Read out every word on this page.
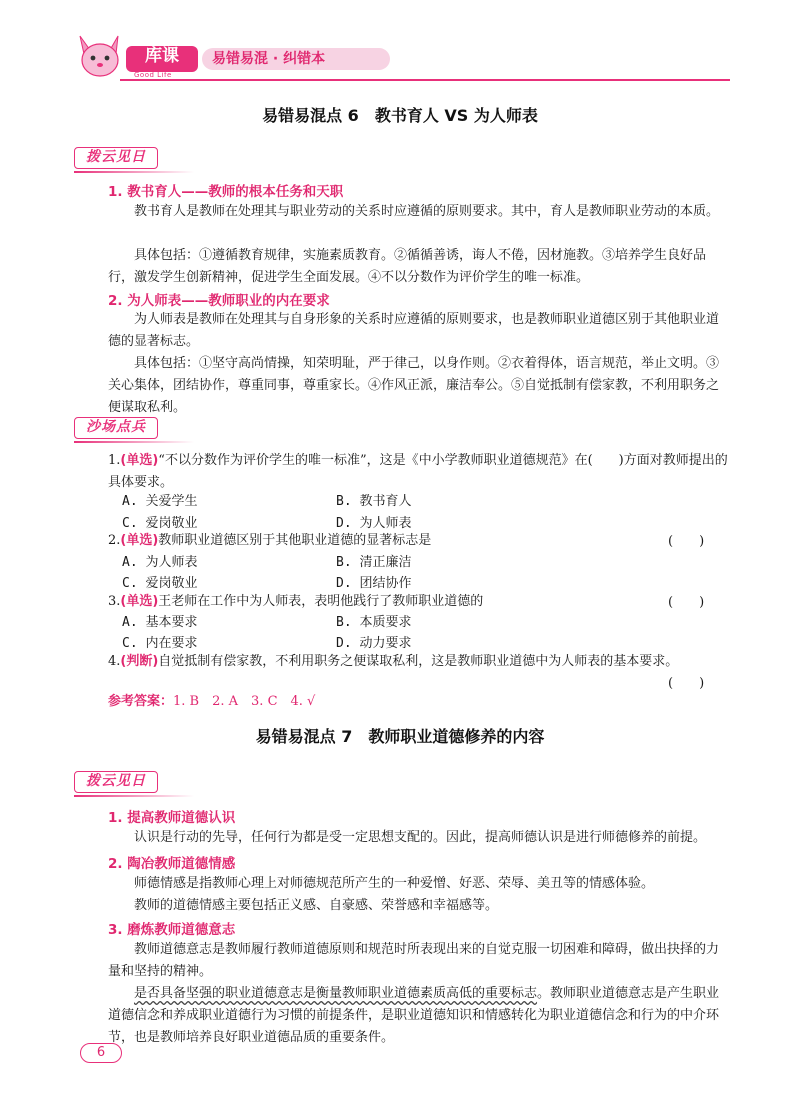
库课
Good Life
易错易混 · 纠错本
易错易混点 6　教书育人 VS 为人师表
拨云见日
1. 教书育人——教师的根本任务和天职
　　教书育人是教师在处理其与职业劳动的关系时应遵循的原则要求。其中，育人是教师职业劳动的本质。
　　具体包括：①遵循教育规律，实施素质教育。②循循善诱，诲人不倦，因材施教。③培养学生良好品行，激发学生创新精神，促进学生全面发展。④不以分数作为评价学生的唯一标准。
2. 为人师表——教师职业的内在要求
　　为人师表是教师在处理其与自身形象的关系时应遵循的原则要求，也是教师职业道德区别于其他职业道德的显著标志。
　　具体包括：①坚守高尚情操，知荣明耻，严于律己，以身作则。②衣着得体，语言规范，举止文明。③关心集体，团结协作，尊重同事，尊重家长。④作风正派，廉洁奉公。⑤自觉抵制有偿家教，不利用职务之便谋取私利。
沙场点兵
1.(单选)“不以分数作为评价学生的唯一标准”，这是《中小学教师职业道德规范》在(　　)方面对教师提出的具体要求。
A. 关爱学生	B. 教书育人
C. 爱岗敬业	D. 为人师表
2.(单选)教师职业道德区别于其他职业道德的显著标志是	(　　)
A. 为人师表	B. 清正廉洁
C. 爱岗敬业	D. 团结协作
3.(单选)王老师在工作中为人师表，表明他践行了教师职业道德的	(　　)
A. 基本要求	B. 本质要求
C. 内在要求	D. 动力要求
4.(判断)自觉抵制有偿家教，不利用职务之便谋取私利，这是教师职业道德中为人师表的基本要求。
(　　)
参考答案：1. B　2. A　3. C　4. √
易错易混点 7　教师职业道德修养的内容
拨云见日
1. 提高教师道德认识
　　认识是行动的先导，任何行为都是受一定思想支配的。因此，提高师德认识是进行师德修养的前提。
2. 陶冶教师道德情感
　　师德情感是指教师心理上对师德规范所产生的一种爱憎、好恶、荣辱、美丑等的情感体验。
　　教师的道德情感主要包括正义感、自豪感、荣誉感和幸福感等。
3. 磨炼教师道德意志
　　教师道德意志是教师履行教师道德原则和规范时所表现出来的自觉克服一切困难和障碍，做出抉择的力量和坚持的精神。
　　是否具备坚强的职业道德意志是衡量教师职业道德素质高低的重要标志。教师职业道德意志是产生职业道德信念和养成职业道德行为习惯的前提条件，是职业道德知识和情感转化为职业道德信念和行为的中介环节，也是教师培养良好职业道德品质的重要条件。
6
